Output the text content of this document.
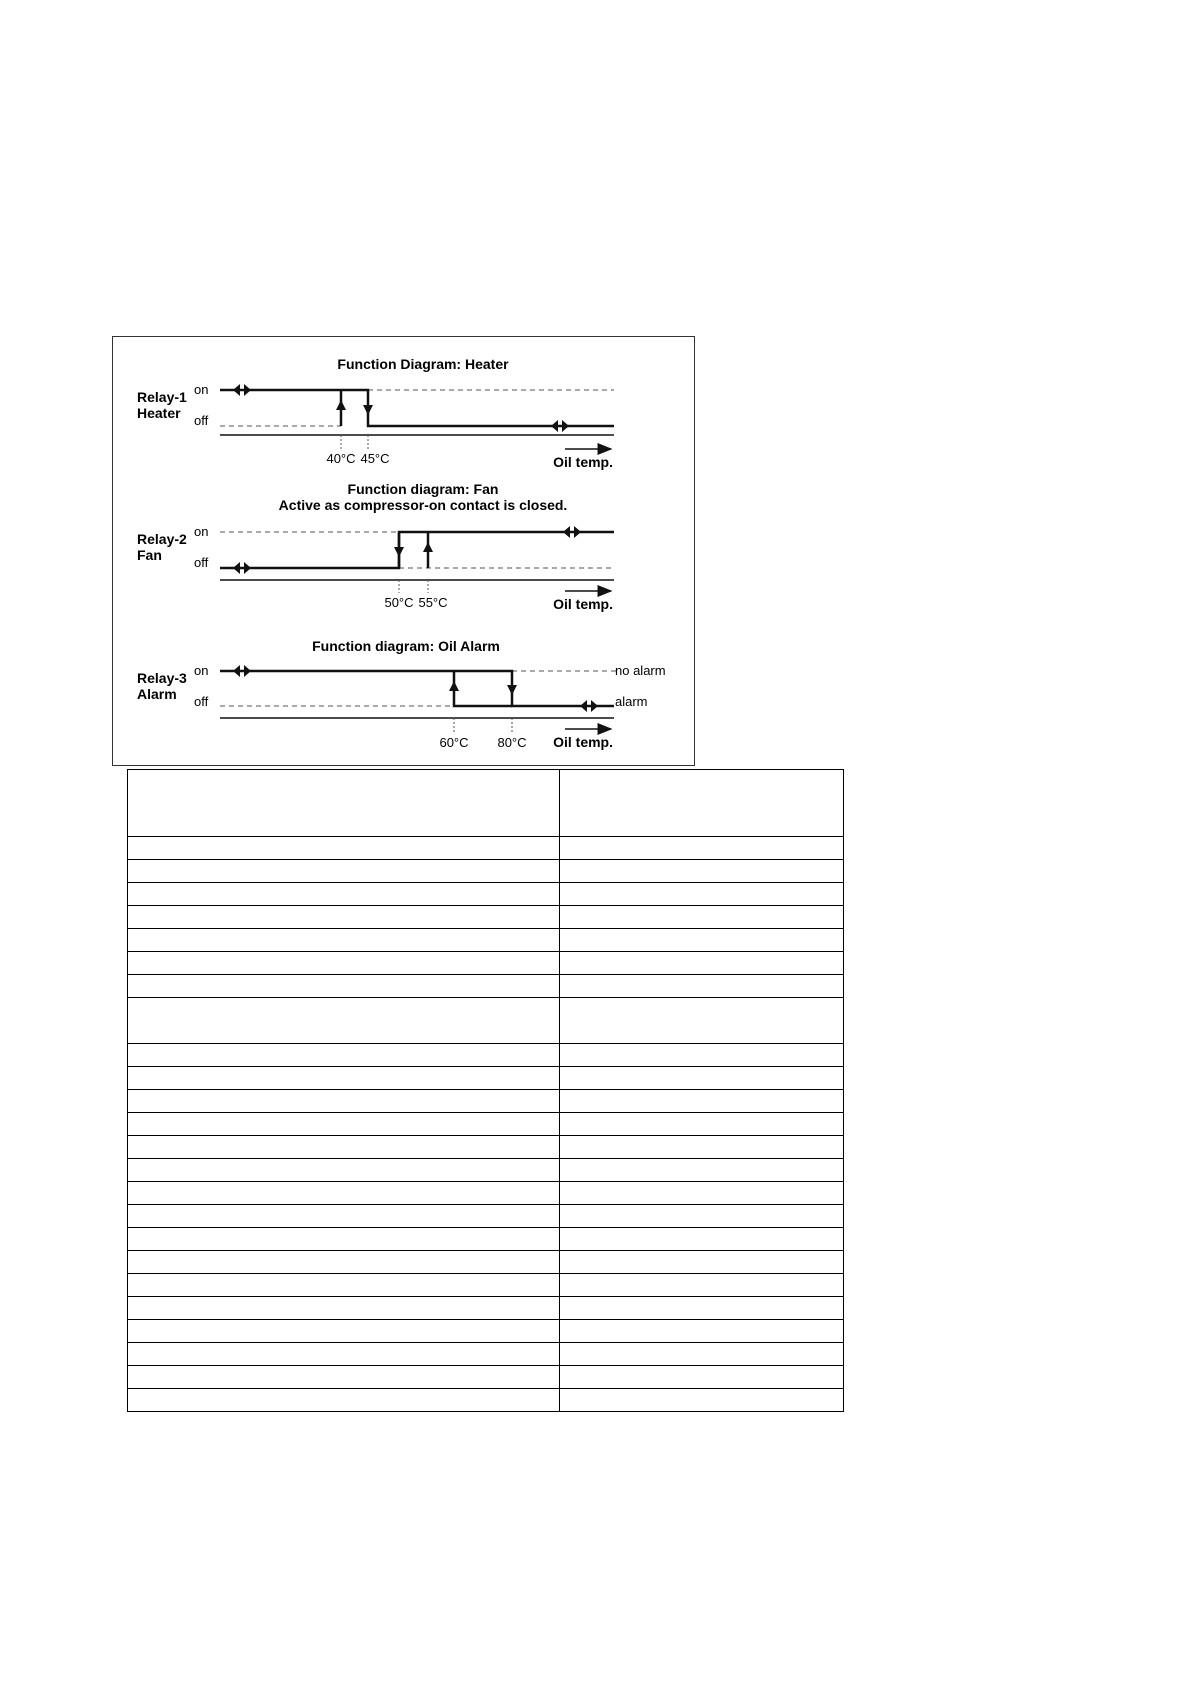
Function Diagram: Heater
Relay-1
Heater
on
off
40°C 45°C	Oil temp.
Function diagram: Fan
Active as compressor-on contact is closed.
Relay-2
Fan
on
off
50°C 55°C	Oil temp.
Function diagram: Oil Alarm
Relay-3
Alarm
on
off
no alarm
alarm
60°C 80°C Oil temp.
